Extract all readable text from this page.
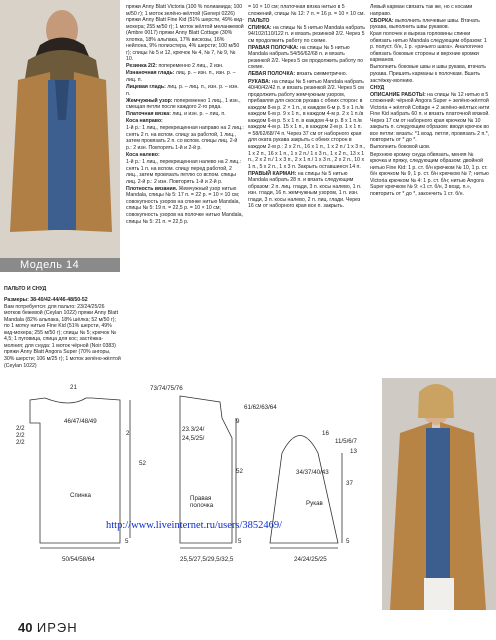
Модель 14

ПАЛЬТО И СНУД

Размеры: 38-40/42-44/46-48/50-52

Вам потребуется: для пальто: 23/24/25/26 мотков бежевой (Ceylan 1022) пряжи Anny Blatt Mandala (82% альпака, 18% шёлка; 52 м/50 г); по 1 мотку нитью Fine Kid (51% шерсти, 49% кид-мохера; 255 м/50 г); спицы № 5; крючок № 4,5; 1 пуговица, спица для кос; застёжка-молния; для снуда: 1 моток чёрной (Noir 0383) пряжи Anny Blatt Angora Super (70% ангоры, 30% шерсти; 106 м/25 г); 1 моток зелёно-жёлтой (Ceylan 1022)

пряжи Anny Blatt Victoria (100 % полиамида; 100 м/50 г); 1 моток зелёно-жёлтой (Genepi 0226) пряжи Anny Blatt Fine Kid (51% шерсти, 49% кид-мохера; 255 м/50 г); 1 моток жёлтой меланжевой (Ambre 0017) пряжи Anny Blatt Cottage (30% хлопка, 18% альпака, 17% вискозы, 16% нейлона, 9% полиэстера, 4% шерсти; 100 м/50 г); спицы № 5 и 12, крючок № 4, № 7, № 9, № 10.

Резинка 2/2: попеременно 2 лиц., 2 изн.

Изнаночная гладь: лиц. р. – изн. п., изн. р. – лиц. п.

Лицевая гладь: лиц. р. – лиц. п., изн. р. – изн. п.

Жемчужный узор: попеременно 1 лиц., 1 изн., смещая петли после каждого 2-го ряда.

Платочная вязка: лиц. и изн. р. – лиц. п.

Коса направо:

1-й р.: 1 лиц., перекрещенная направо на 2 лиц.: снять 2 п. на вспом. спицу за работой, 1 лиц., затем провязать 2 п. со вспом. спицы лиц. 2-й р.: 2 изн. Повторять 1-й и 2-й р.

Коса налево:

1-й р.: 1 лиц., перекрещенная налево на 2 лиц.: снять 1 п. на вспом. спицу перед работой, 2 лиц., затем провязать петлю со вспом. спицы лиц. 2-й р.: 2 изн. Повторять 1-й и 2-й р.

Плотность вязания. Жемчужный узор нитью Mandala, спицы № 5: 17 п. = 22 р. = 10 × 10 см; совокупность узоров на спинке нитью Mandala, спицы № 5: 19 п. = 22,5 р. = 10 × 10 см; совокупность узоров на полочке нитью Mandala, спицы № 5: 21 п. = 22,5 р.

= 10 × 10 см; платочная вязка нитью в 5 сложений, спицы № 12: 7 п. = 16 р. = 10 × 10 см.

ПАЛЬТО

СПИНКА: на спицы № 5 нитью Mandala набрать 94/102/110/122 п. и вязать резинкой 2/2. Через 5 см продолжить работу по схеме.

ПРАВАЯ ПОЛОЧКА: на спицы № 5 нитью Mandala набрать 54/56/62/68 п. и вязать резинкой 2/2. Через 5 см продолжить работу по схеме.

ЛЕВАЯ ПОЛОЧКА: вязать симметрично.

РУКАВА: на спицы № 5 нитью Mandala набрать 40/40/42/42 п. и вязать резинкой 2/2. Через 5 см продолжить работу жемчужным узором, прибавляя для скосов рукава с обеих сторон: в каждом 8-м р. 2 × 1 п., в каждом 6-м р. 5 х 1 п./в каждом 6-м р. 9 х 1 п., в каждом 4-м р. 2 х 1 п./в каждом 6-м р. 5 х 1 п. в каждом 4-м р. 8 х 1 п./в каждом 4-м р. 15 х 1 п., в каждом 2-м р. 1 х 1 п. = 58/62/68/74 п. Через 37 см от наборного края для оката рукава закрыть с обеих сторон в каждом 2-м р.: 2 х 2 п., 16 х 1 п., 1 х 2 п./ 1 х 3 п., 1 х 2 п., 16 х 1 п., 1 х 2 п./ 1 х 3 п., 1 х 2 п., 13 х 1 п., 2 х 2 п./ 1 х 3 п., 2 х 1 п./ 1 х 3 п., 2 х 2 п., 10 х 1 п., 5 х 2 п., 1 х 3 п. Закрыть оставшиеся 14 п.

ПРАВЫЙ КАРМАН: на спицы № 5 нитью Mandala набрать 28 п. и вязать следующим образом: 2 п. лиц. глади, 3 п. косы налево, 1 п. изн. глади, 16 п. жемчужным узором, 1 п. изн. глади, 3 п. косы налево, 2 п. лиц. глади. Через 16 см от наборного края все п. закрыть.

Левый карман связать так же, но с косами направо.

СБОРКА: выполнить плечевые швы. Втачать рукава, выполнить швы рукавов.

Края полочек и выреза горловины спинки обвязать нитью Mandala следующим образом: 1 р. полуст. б/н, 1 р. «рачьего шага». Аналогично обвязать боковые стороны и верхние кромки карманов.

Выполнить боковые швы и швы рукава, втачать рукава. Пришить карманы к полочкам. Вшить застёжку-молнию.

СНУД

ОПИСАНИЕ РАБОТЫ: на спицы № 12 нитью в 5 сложений: чёрной Angora Super + зелёно-жёлтой Victoria + жёлтой Cottage + 2 зелёно-жёлтых нити Fine Kid набрать 60 п. и вязать платочной вязкой. Через 17 см от наборного края крючком № 10 закрыть п. следующим образом: вводя крючок во все петли: вязать: *1 возд. петля, провязать 2 п.*, повторить от * до *.

Выполнить боковой шов.

Верхнюю кромку снуда обвязать, меняя № крючка и пряжу, следующим образом: двойной нитью Fine Kid: 1 р. ст. б/н крючком № 10, 1 р. ст. б/н крючком № 9, 1 р. ст. б/н крючком № 7; нитью Victoria крючком № 4: 1 р. ст. б/н; нитью Angora Super крючком № 9: «1 ст. б/н, 3 возд. п.», повторить от * до *, закончить 1 ст. б/н.

21
46/47/48/49
2/2
2/2
2/2
Спинка
52
2
5
50/54/58/64
73/74/75/76
23.3/24/
24,5/25/
Правая полочка
9
52
61/62/63/64
5
25,5/27,5/29,5/32,5
16
13
11/5/6/7
34/37/40/43
37
Рукав
5
24/24/25/25
http://www.liveinternet.ru/users/3852469/
40 ИРЭН
